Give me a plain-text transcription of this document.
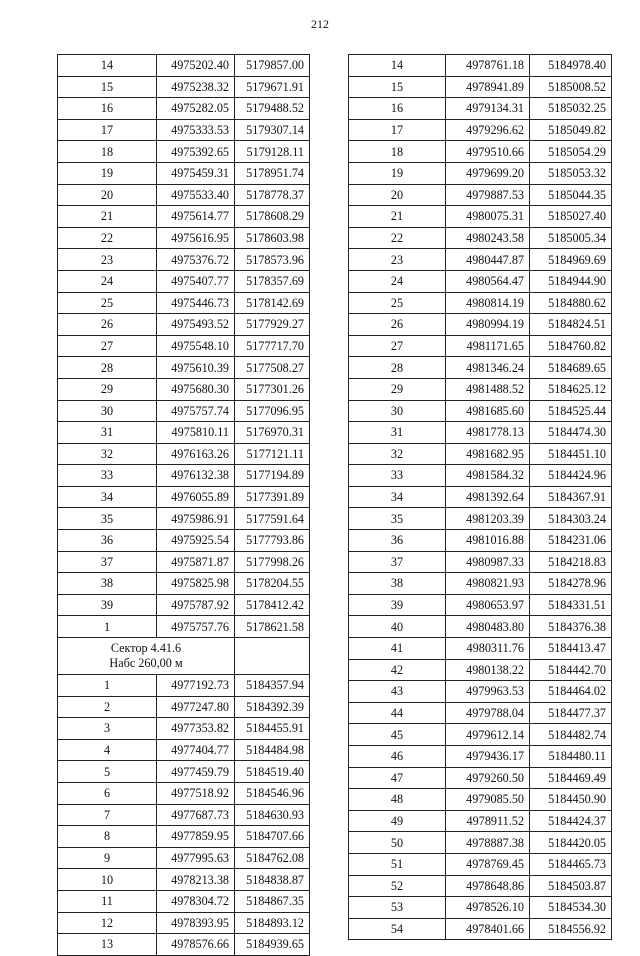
212
14	4975202.40	5179857.00
15	4975238.32	5179671.91
16	4975282.05	5179488.52
17	4975333.53	5179307.14
18	4975392.65	5179128.11
19	4975459.31	5178951.74
20	4975533.40	5178778.37
21	4975614.77	5178608.29
22	4975616.95	5178603.98
23	4975376.72	5178573.96
24	4975407.77	5178357.69
25	4975446.73	5178142.69
26	4975493.52	5177929.27
27	4975548.10	5177717.70
28	4975610.39	5177508.27
29	4975680.30	5177301.26
30	4975757.74	5177096.95
31	4975810.11	5176970.31
32	4976163.26	5177121.11
33	4976132.38	5177194.89
34	4976055.89	5177391.89
35	4975986.91	5177591.64
36	4975925.54	5177793.86
37	4975871.87	5177998.26
38	4975825.98	5178204.55
39	4975787.92	5178412.42
1	4975757.76	5178621.58

Сектор 4.41.6
Набс 260,00 м		

1	4977192.73	5184357.94
2	4977247.80	5184392.39
3	4977353.82	5184455.91
4	4977404.77	5184484.98
5	4977459.79	5184519.40
6	4977518.92	5184546.96
7	4977687.73	5184630.93
8	4977859.95	5184707.66
9	4977995.63	5184762.08
10	4978213.38	5184838.87
11	4978304.72	5184867.35
12	4978393.95	5184893.12
13	4978576.66	5184939.65
14	4978761.18	5184978.40
15	4978941.89	5185008.52
16	4979134.31	5185032.25
17	4979296.62	5185049.82
18	4979510.66	5185054.29
19	4979699.20	5185053.32
20	4979887.53	5185044.35
21	4980075.31	5185027.40
22	4980243.58	5185005.34
23	4980447.87	5184969.69
24	4980564.47	5184944.90
25	4980814.19	5184880.62
26	4980994.19	5184824.51
27	4981171.65	5184760.82
28	4981346.24	5184689.65
29	4981488.52	5184625.12
30	4981685.60	5184525.44
31	4981778.13	5184474.30
32	4981682.95	5184451.10
33	4981584.32	5184424.96
34	4981392.64	5184367.91
35	4981203.39	5184303.24
36	4981016.88	5184231.06
37	4980987.33	5184218.83
38	4980821.93	5184278.96
39	4980653.97	5184331.51
40	4980483.80	5184376.38
41	4980311.76	5184413.47
42	4980138.22	5184442.70
43	4979963.53	5184464.02
44	4979788.04	5184477.37
45	4979612.14	5184482.74
46	4979436.17	5184480.11
47	4979260.50	5184469.49
48	4979085.50	5184450.90
49	4978911.52	5184424.37
50	4978887.38	5184420.05
51	4978769.45	5184465.73
52	4978648.86	5184503.87
53	4978526.10	5184534.30
54	4978401.66	5184556.92
